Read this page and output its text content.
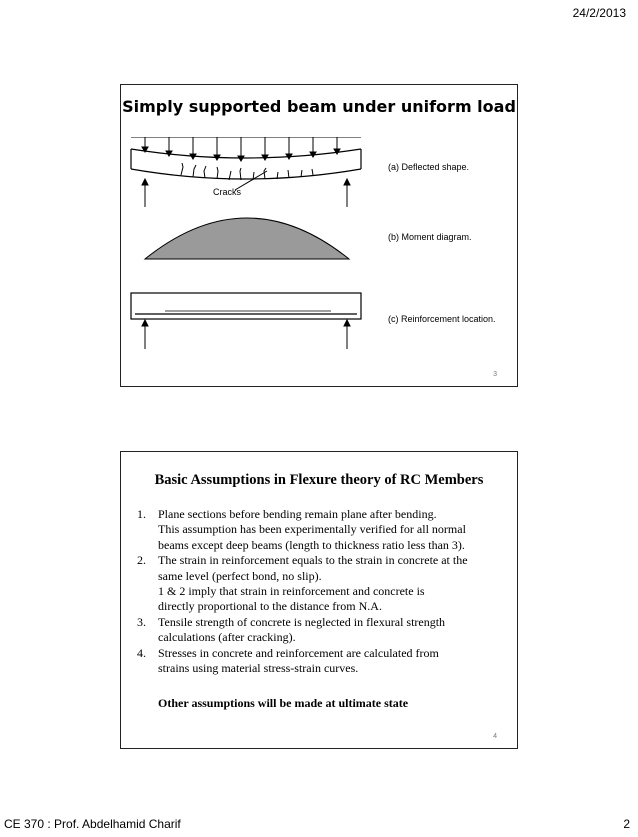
24/2/2013
Simply supported beam under uniform load
Cracks
(a) Deflected shape.
(b) Moment diagram.
(c) Reinforcement location.
3
Basic Assumptions in Flexure theory of RC Members
1. Plane sections before bending remain plane after bending.
This assumption has been experimentally verified for all normal
beams except deep beams (length to thickness ratio less than 3).
2. The strain in reinforcement equals to the strain in concrete at the
same level (perfect bond, no slip).
1 & 2 imply that strain in reinforcement and concrete is
directly proportional to the distance from N.A.
3. Tensile strength of concrete is neglected in flexural strength
calculations (after cracking).
4. Stresses in concrete and reinforcement are calculated from
strains using material stress-strain curves.
Other assumptions will be made at ultimate state
4
CE 370 : Prof. Abdelhamid Charif	2
